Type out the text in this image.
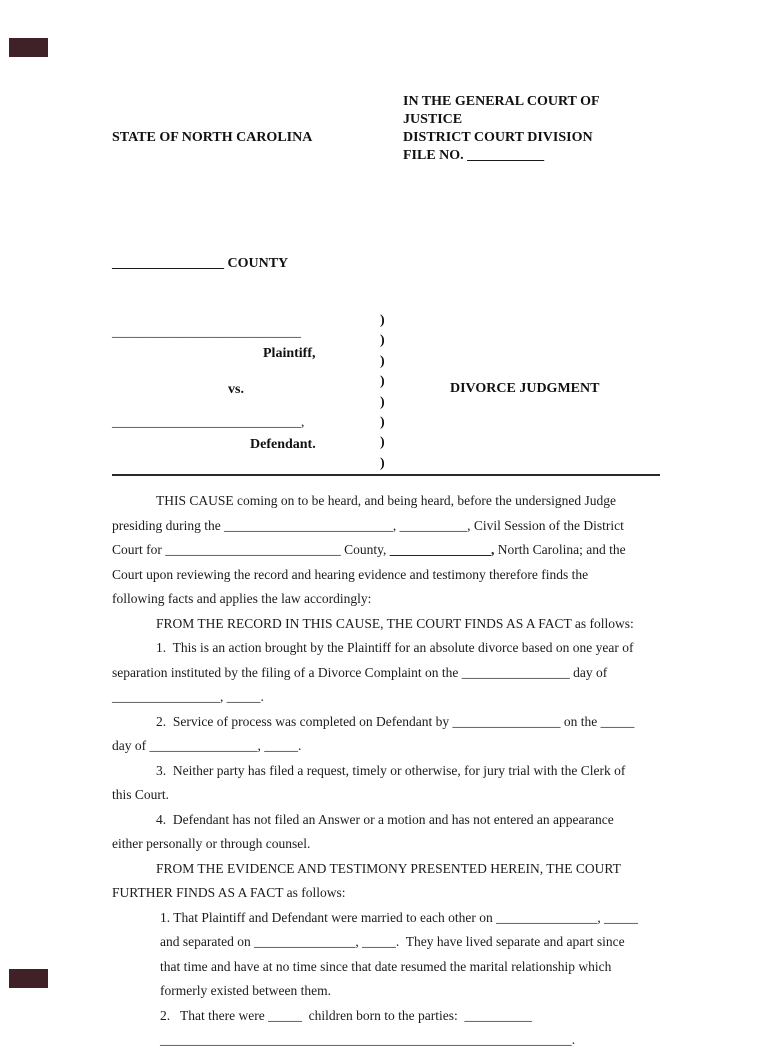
STATE OF NORTH CAROLINA

________________ COUNTY

IN THE GENERAL COURT OF
JUSTICE
DISTRICT COURT DIVISION
FILE NO. ___________
____________________________
Plaintiff,
vs.
____________________________,
Defendant.
)
)
)
)
)
)
)
)
DIVORCE JUDGMENT
THIS CAUSE coming on to be heard, and being heard, before the undersigned Judge
presiding during the _________________________, __________, Civil Session of the District
Court for __________________________ County, _______________, North Carolina; and the
Court upon reviewing the record and hearing evidence and testimony therefore finds the
following facts and applies the law accordingly:
FROM THE RECORD IN THIS CAUSE, THE COURT FINDS AS A FACT as follows:
1.  This is an action brought by the Plaintiff for an absolute divorce based on one year of
separation instituted by the filing of a Divorce Complaint on the ________________ day of
________________, _____.
2.  Service of process was completed on Defendant by ________________ on the _____
day of ________________, _____.
3.  Neither party has filed a request, timely or otherwise, for jury trial with the Clerk of
this Court.
4.  Defendant has not filed an Answer or a motion and has not entered an appearance
either personally or through counsel.
FROM THE EVIDENCE AND TESTIMONY PRESENTED HEREIN, THE COURT
FURTHER FINDS AS A FACT as follows:
1. That Plaintiff and Defendant were married to each other on _______________, _____
and separated on _______________, _____.  They have lived separate and apart since
that time and have at no time since that date resumed the marital relationship which
formerly existed between them.
2.   That there were _____  children born to the parties:  __________
_____________________________________________________________.
